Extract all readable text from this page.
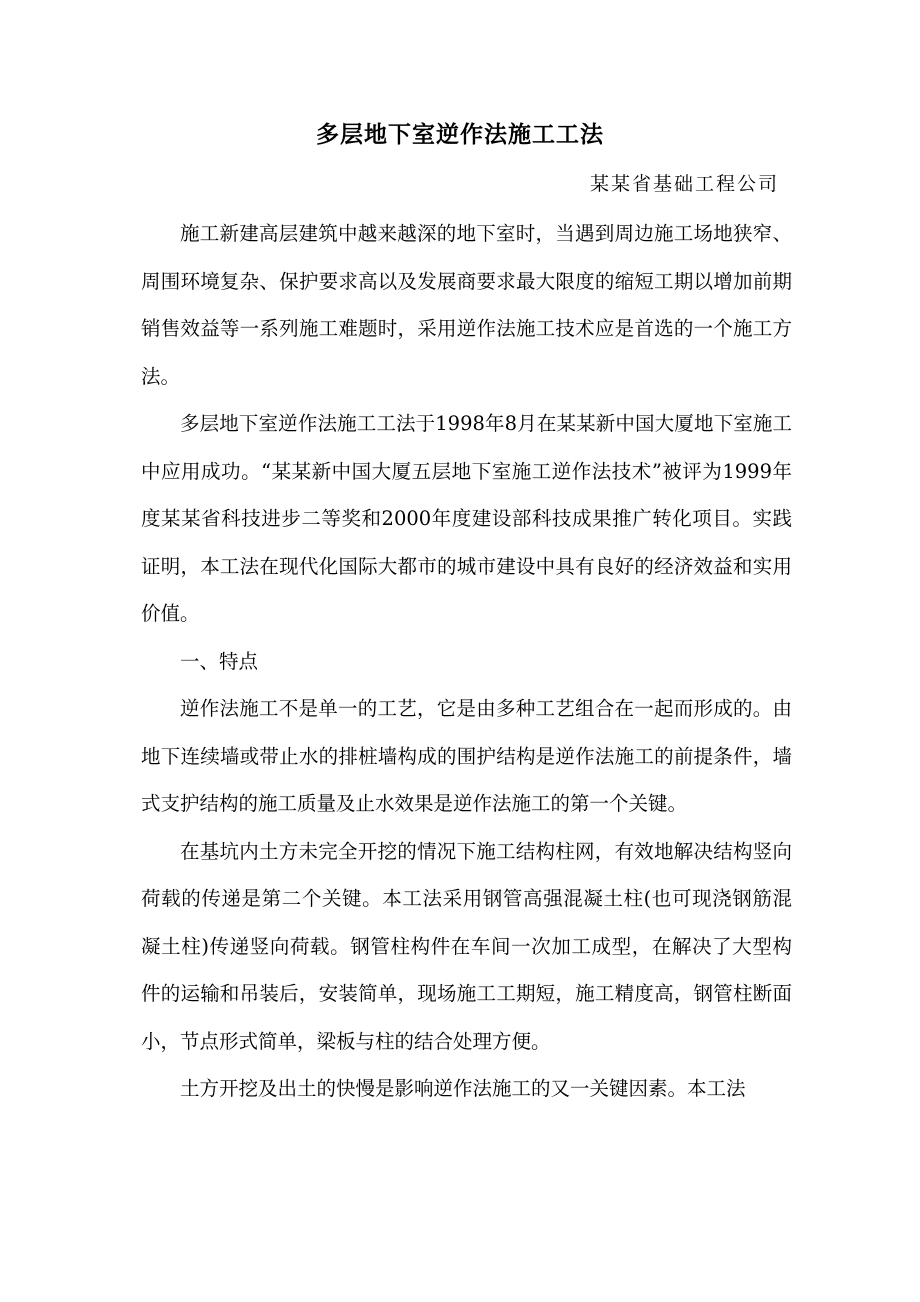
多层地下室逆作法施工工法
某某省基础工程公司

施工新建高层建筑中越来越深的地下室时，当遇到周边施工场地狭窄、周围环境复杂、保护要求高以及发展商要求最大限度的缩短工期以增加前期销售效益等一系列施工难题时，采用逆作法施工技术应是首选的一个施工方法。

多层地下室逆作法施工工法于1998年8月在某某新中国大厦地下室施工中应用成功。“某某新中国大厦五层地下室施工逆作法技术”被评为1999年度某某省科技进步二等奖和2000年度建设部科技成果推广转化项目。实践证明，本工法在现代化国际大都市的城市建设中具有良好的经济效益和实用价值。

一、特点

逆作法施工不是单一的工艺，它是由多种工艺组合在一起而形成的。由地下连续墙或带止水的排桩墙构成的围护结构是逆作法施工的前提条件，墙式支护结构的施工质量及止水效果是逆作法施工的第一个关键。

在基坑内土方未完全开挖的情况下施工结构柱网，有效地解决结构竖向荷载的传递是第二个关键。本工法采用钢管高强混凝土柱(也可现浇钢筋混凝土柱)传递竖向荷载。钢管柱构件在车间一次加工成型，在解决了大型构件的运输和吊装后，安装简单，现场施工工期短，施工精度高，钢管柱断面小，节点形式简单，梁板与柱的结合处理方便。

土方开挖及出土的快慢是影响逆作法施工的又一关键因素。本工法
